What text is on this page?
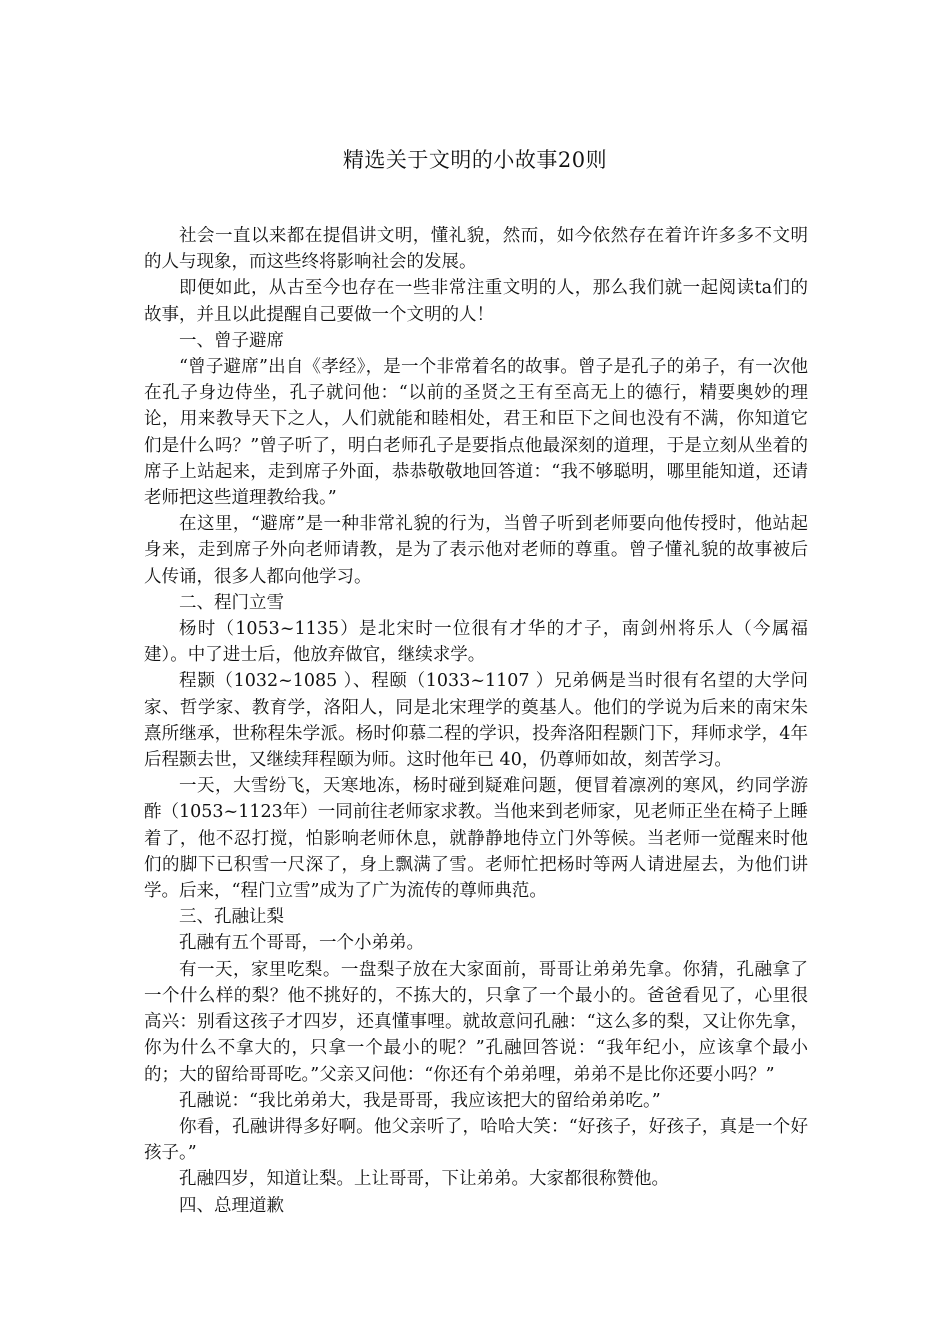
精选关于文明的小故事20则

社会一直以来都在提倡讲文明，懂礼貌，然而，如今依然存在着许许多多不文明的人与现象，而这些终将影响社会的发展。

即便如此，从古至今也存在一些非常注重文明的人，那么我们就一起阅读ta们的故事，并且以此提醒自己要做一个文明的人！

一、曾子避席

“曾子避席”出自《孝经》，是一个非常着名的故事。曾子是孔子的弟子，有一次他在孔子身边侍坐，孔子就问他：“以前的圣贤之王有至高无上的德行，精要奥妙的理论，用来教导天下之人，人们就能和睦相处，君王和臣下之间也没有不满，你知道它们是什么吗？”曾子听了，明白老师孔子是要指点他最深刻的道理，于是立刻从坐着的席子上站起来，走到席子外面，恭恭敬敬地回答道：“我不够聪明，哪里能知道，还请老师把这些道理教给我。”

在这里，“避席”是一种非常礼貌的行为，当曾子听到老师要向他传授时，他站起身来，走到席子外向老师请教，是为了表示他对老师的尊重。曾子懂礼貌的故事被后人传诵，很多人都向他学习。

二、程门立雪

杨时（1053~1135）是北宋时一位很有才华的才子，南剑州将乐人（今属福建）。中了进士后，他放弃做官，继续求学。

程颢（1032~1085 ）、程颐（1033~1107 ）兄弟俩是当时很有名望的大学问家、哲学家、教育学，洛阳人，同是北宋理学的奠基人。他们的学说为后来的南宋朱熹所继承，世称程朱学派。杨时仰慕二程的学识，投奔洛阳程颢门下，拜师求学，4年后程颢去世，又继续拜程颐为师。这时他年已 40，仍尊师如故，刻苦学习。

一天，大雪纷飞，天寒地冻，杨时碰到疑难问题，便冒着凛冽的寒风，约同学游酢（1053~1123年）一同前往老师家求教。当他来到老师家，见老师正坐在椅子上睡着了，他不忍打搅，怕影响老师休息，就静静地侍立门外等候。当老师一觉醒来时他们的脚下已积雪一尺深了，身上飘满了雪。老师忙把杨时等两人请进屋去，为他们讲学。后来，“程门立雪”成为了广为流传的尊师典范。

三、孔融让梨

孔融有五个哥哥，一个小弟弟。

有一天，家里吃梨。一盘梨子放在大家面前，哥哥让弟弟先拿。你猜，孔融拿了一个什么样的梨？他不挑好的，不拣大的，只拿了一个最小的。爸爸看见了，心里很高兴：别看这孩子才四岁，还真懂事哩。就故意问孔融：“这么多的梨，又让你先拿，你为什么不拿大的，只拿一个最小的呢？”孔融回答说：“我年纪小，应该拿个最小的；大的留给哥哥吃。”父亲又问他：“你还有个弟弟哩，弟弟不是比你还要小吗？”

孔融说：“我比弟弟大，我是哥哥，我应该把大的留给弟弟吃。”

你看，孔融讲得多好啊。他父亲听了，哈哈大笑：“好孩子，好孩子，真是一个好孩子。”

孔融四岁，知道让梨。上让哥哥，下让弟弟。大家都很称赞他。

四、总理道歉
